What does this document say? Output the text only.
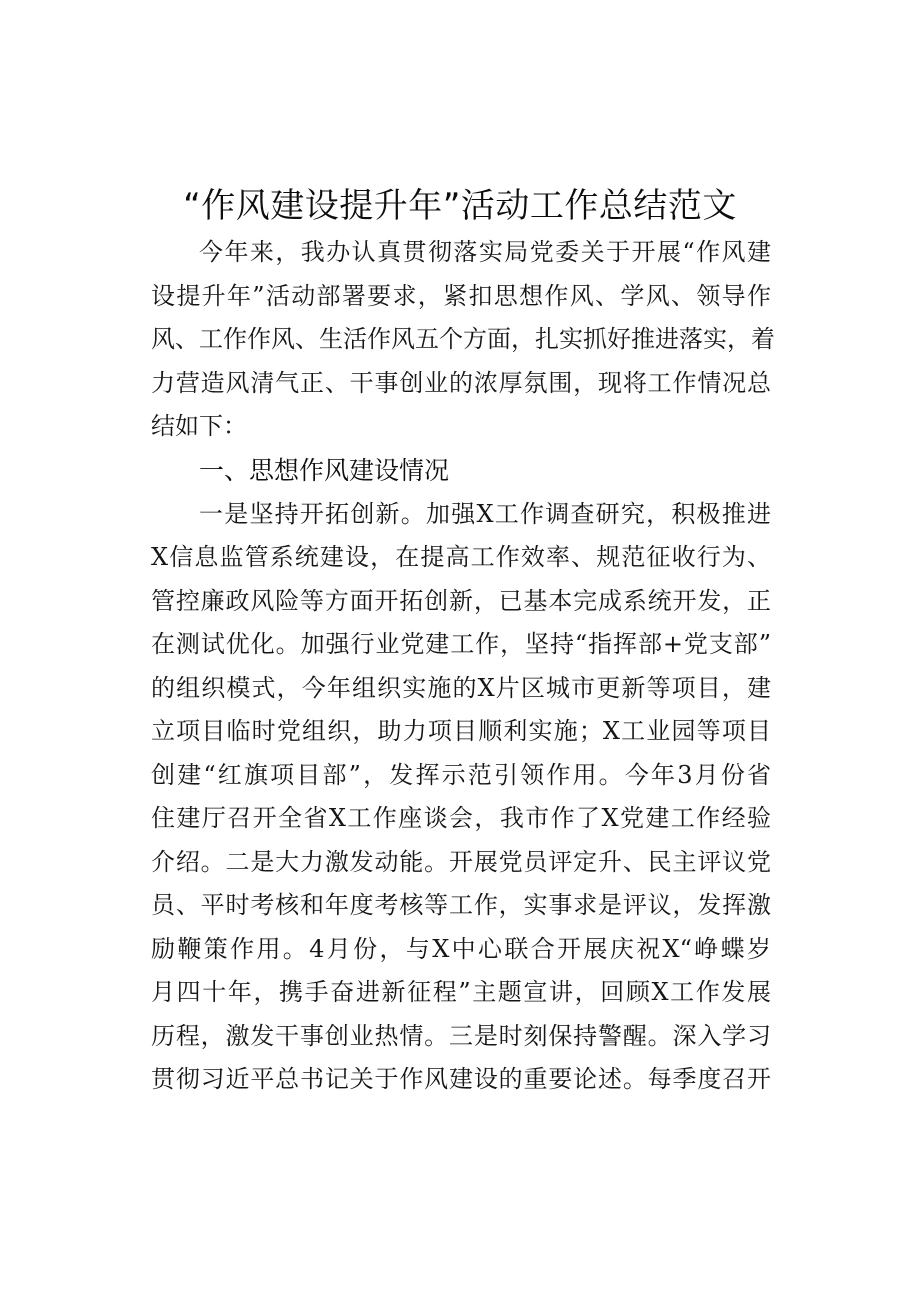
“作风建设提升年”活动工作总结范文
今年来，我办认真贯彻落实局党委关于开展“作风建
设提升年”活动部署要求，紧扣思想作风、学风、领导作
风、工作作风、生活作风五个方面，扎实抓好推进落实，着
力营造风清气正、干事创业的浓厚氛围，现将工作情况总
结如下：
一、思想作风建设情况
一是坚持开拓创新。加强X工作调查研究，积极推进
X信息监管系统建设，在提高工作效率、规范征收行为、
管控廉政风险等方面开拓创新，已基本完成系统开发，正
在测试优化。加强行业党建工作，坚持“指挥部+党支部”
的组织模式，今年组织实施的X片区城市更新等项目，建
立项目临时党组织，助力项目顺利实施；X工业园等项目
创建“红旗项目部”，发挥示范引领作用。今年3月份省
住建厅召开全省X工作座谈会，我市作了X党建工作经验
介绍。二是大力激发动能。开展党员评定升、民主评议党
员、平时考核和年度考核等工作，实事求是评议，发挥激
励鞭策作用。4月份，与X中心联合开展庆祝X“峥蝶岁
月四十年，携手奋进新征程”主题宣讲，回顾X工作发展
历程，激发干事创业热情。三是时刻保持警醒。深入学习
贯彻习近平总书记关于作风建设的重要论述。每季度召开
